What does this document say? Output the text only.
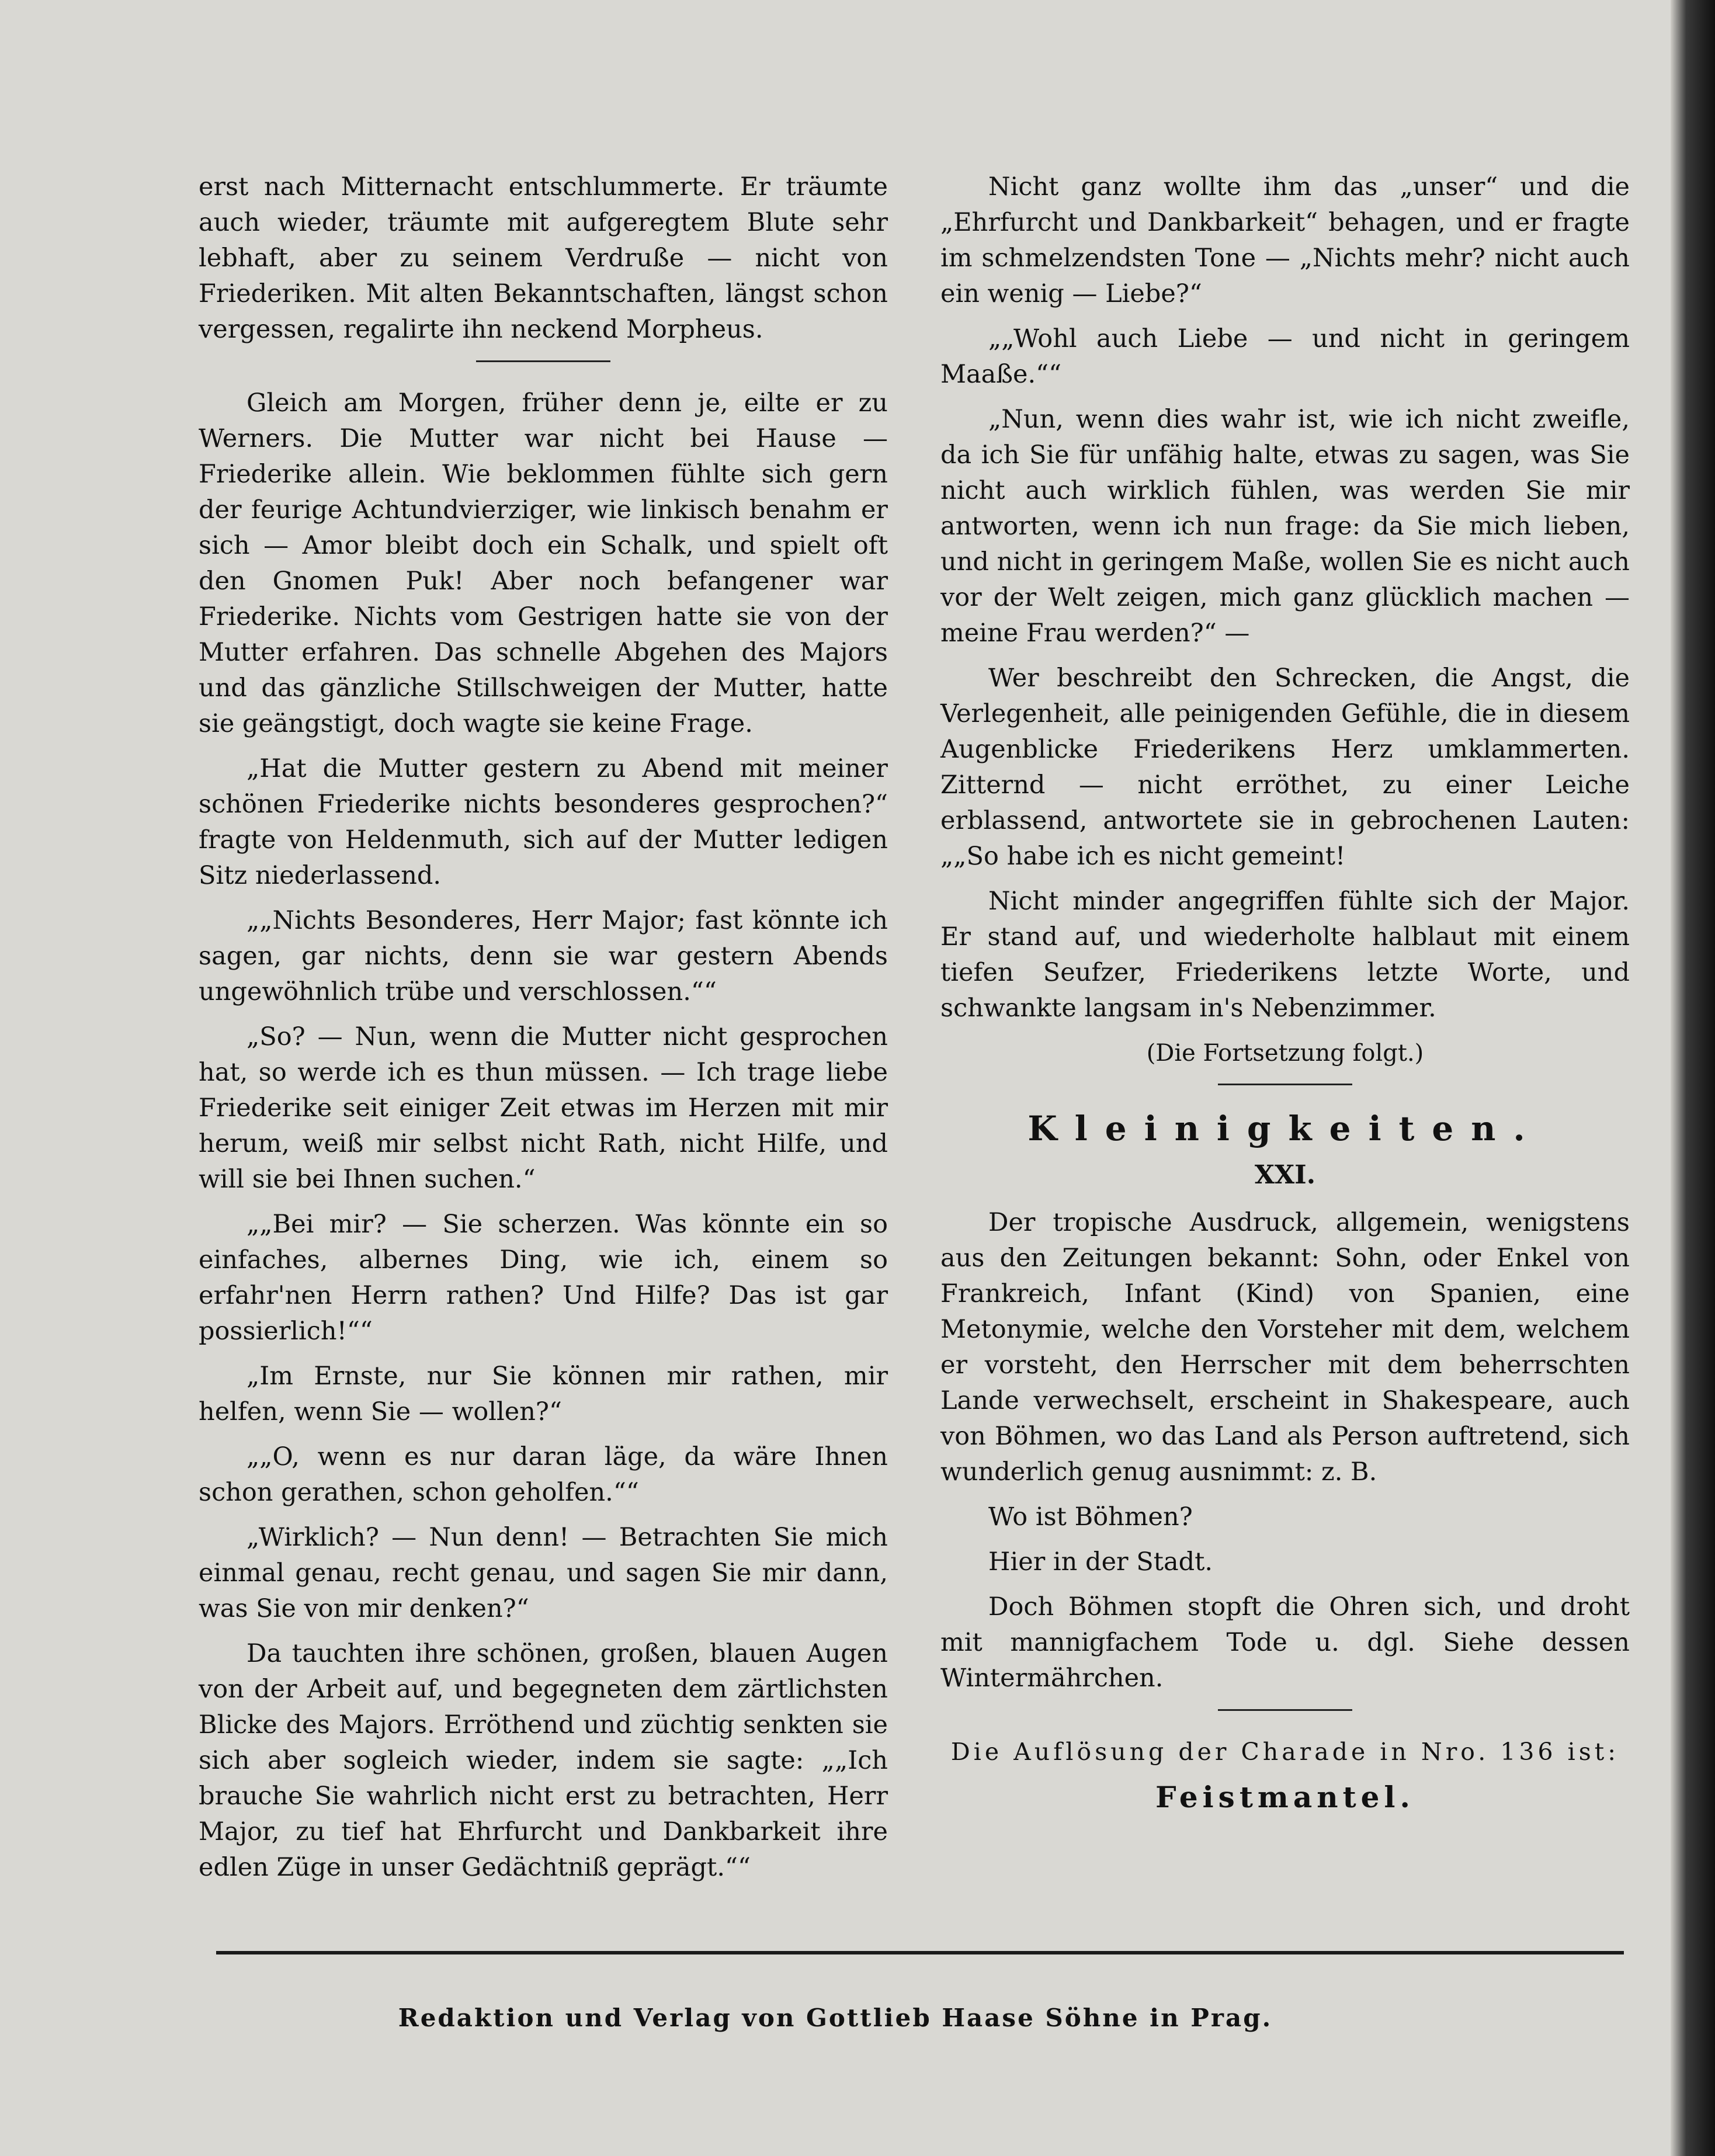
erst nach Mitternacht entschlummerte. Er träumte auch wieder, träumte mit aufgeregtem Blute sehr lebhaft, aber zu seinem Verdruße — nicht von Friederiken. Mit alten Bekanntschaften, längst schon vergessen, regalirte ihn neckend Morpheus.

Gleich am Morgen, früher denn je, eilte er zu Werners. Die Mutter war nicht bei Hause — Friederike allein. Wie beklommen fühlte sich gern der feurige Achtundvierziger, wie linkisch benahm er sich — Amor bleibt doch ein Schalk, und spielt oft den Gnomen Puk! Aber noch befangener war Friederike. Nichts vom Gestrigen hatte sie von der Mutter erfahren. Das schnelle Abgehen des Majors und das gänzliche Stillschweigen der Mutter, hatte sie geängstigt, doch wagte sie keine Frage.

„Hat die Mutter gestern zu Abend mit meiner schönen Friederike nichts besonderes gesprochen?“ fragte von Heldenmuth, sich auf der Mutter ledigen Sitz niederlassend.

„„Nichts Besonderes, Herr Major; fast könnte ich sagen, gar nichts, denn sie war gestern Abends ungewöhnlich trübe und verschlossen.““

„So? — Nun, wenn die Mutter nicht gesprochen hat, so werde ich es thun müssen. — Ich trage liebe Friederike seit einiger Zeit etwas im Herzen mit mir herum, weiß mir selbst nicht Rath, nicht Hilfe, und will sie bei Ihnen suchen.“

„„Bei mir? — Sie scherzen. Was könnte ein so einfaches, albernes Ding, wie ich, einem so erfahr'nen Herrn rathen? Und Hilfe? Das ist gar possierlich!““

„Im Ernste, nur Sie können mir rathen, mir helfen, wenn Sie — wollen?“

„„O, wenn es nur daran läge, da wäre Ihnen schon gerathen, schon geholfen.““

„Wirklich? — Nun denn! — Betrachten Sie mich einmal genau, recht genau, und sagen Sie mir dann, was Sie von mir denken?“

Da tauchten ihre schönen, großen, blauen Augen von der Arbeit auf, und begegneten dem zärtlichsten Blicke des Majors. Erröthend und züchtig senkten sie sich aber sogleich wieder, indem sie sagte: „„Ich brauche Sie wahrlich nicht erst zu betrachten, Herr Major, zu tief hat Ehrfurcht und Dankbarkeit ihre edlen Züge in unser Gedächtniß geprägt.““

Nicht ganz wollte ihm das „unser“ und die „Ehrfurcht und Dankbarkeit“ behagen, und er fragte im schmelzendsten Tone — „Nichts mehr? nicht auch ein wenig — Liebe?“

„„Wohl auch Liebe — und nicht in geringem Maaße.““

„Nun, wenn dies wahr ist, wie ich nicht zweifle, da ich Sie für unfähig halte, etwas zu sagen, was Sie nicht auch wirklich fühlen, was werden Sie mir antworten, wenn ich nun frage: da Sie mich lieben, und nicht in geringem Maße, wollen Sie es nicht auch vor der Welt zeigen, mich ganz glücklich machen — meine Frau werden?“ —

Wer beschreibt den Schrecken, die Angst, die Verlegenheit, alle peinigenden Gefühle, die in diesem Augenblicke Friederikens Herz umklammerten. Zitternd — nicht erröthet, zu einer Leiche erblassend, antwortete sie in gebrochenen Lauten: „„So habe ich es nicht gemeint!

Nicht minder angegriffen fühlte sich der Major. Er stand auf, und wiederholte halblaut mit einem tiefen Seufzer, Friederikens letzte Worte, und schwankte langsam in's Nebenzimmer.

(Die Fortsetzung folgt.)
Kleinigkeiten.
XXI.

Der tropische Ausdruck, allgemein, wenigstens aus den Zeitungen bekannt: Sohn, oder Enkel von Frankreich, Infant (Kind) von Spanien, eine Metonymie, welche den Vorsteher mit dem, welchem er vorsteht, den Herrscher mit dem beherrschten Lande verwechselt, erscheint in Shakespeare, auch von Böhmen, wo das Land als Person auftretend, sich wunderlich genug ausnimmt: z. B.

Wo ist Böhmen?

Hier in der Stadt.

Doch Böhmen stopft die Ohren sich, und droht mit mannigfachem Tode u. dgl. Siehe dessen Wintermährchen.

Die Auflösung der Charade in Nro. 136 ist:
Feistmantel.
Redaktion und Verlag von Gottlieb Haase Söhne in Prag.
